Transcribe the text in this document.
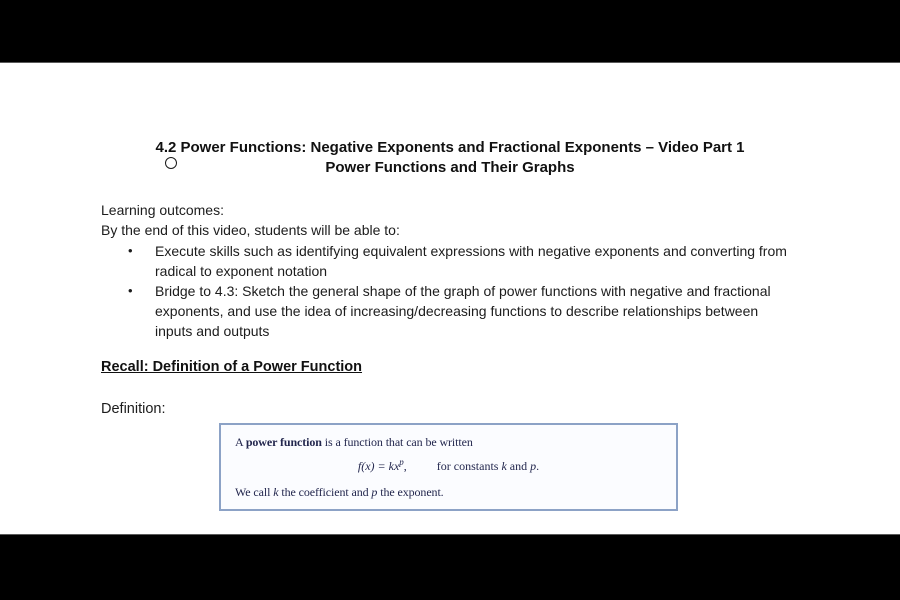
4.2 Power Functions: Negative Exponents and Fractional Exponents – Video Part 1
Power Functions and Their Graphs
Learning outcomes:
By the end of this video, students will be able to:
•	Execute skills such as identifying equivalent expressions with negative exponents and converting from radical to exponent notation
•	Bridge to 4.3: Sketch the general shape of the graph of power functions with negative and fractional exponents, and use the idea of increasing/decreasing functions to describe relationships between inputs and outputs
Recall: Definition of a Power Function
Definition:
A power function is a function that can be written
$f(x) = kx^p$,	for constants k and p.
We call k the coefficient and p the exponent.
